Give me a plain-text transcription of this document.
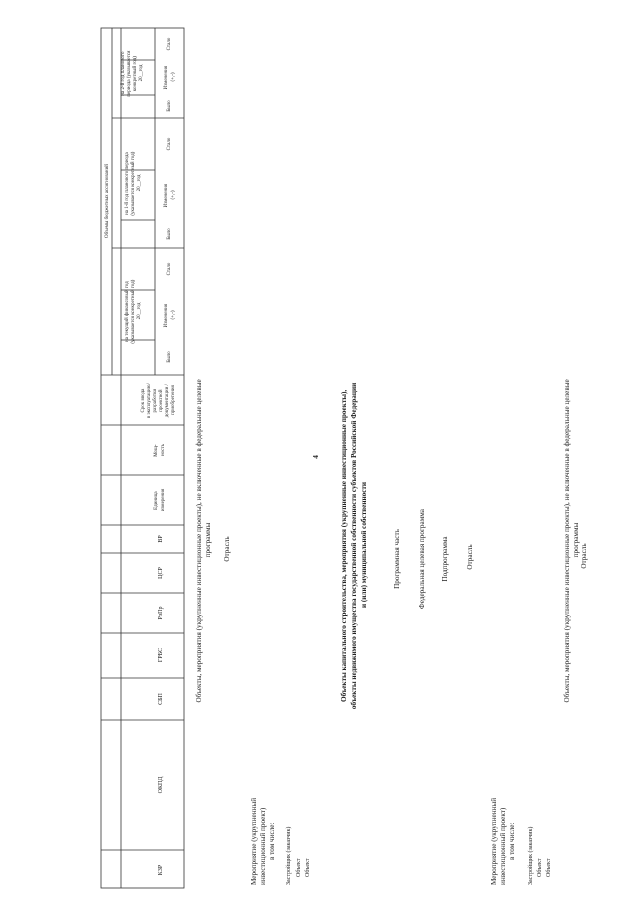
4
КЗР
ОКПД
СБП
ГРБС
РзПр
ЦСР
ВР
Единица измерения
Мощ- ность
Срок ввода в эксплуатацию/ разработки проектной документации / приобретения
Объемы бюджетных ассигнований
на текущий финансовый год (указывается конкретный год) 20__год
на 1-й год планового периода (указывается конкретный год) 20__год
на 2-й год планового периода (указывается конкретный год) 20__год
Было
Изменения (+,-)
Стало
Было
Изменения (+,-)
Стало
Было
Изменения (+,-)
Стало
Объекты, мероприятия (укрупненные инвестиционные проекты), не включенные в федеральные целевые программы Отрасль
Мероприятие (укрупненный инвестиционный проект) в том числе: Застройщик (заказчик) Объект Объект
Объекты капитального строительства, мероприятия (укрупненные инвестиционные проекты), объекты недвижимого имущества государственной собственности субъектов Российской Федерации и (или) муниципальной собственности	Программная часть Федеральная целевая программа Подпрограмма Отрасль
Мероприятие (укрупненный инвестиционный проект) в том числе: Застройщик (заказчик) Объект Объект
Объекты, мероприятия (укрупненные инвестиционные проекты), не включенные в федеральные целевые программы Отрасль
